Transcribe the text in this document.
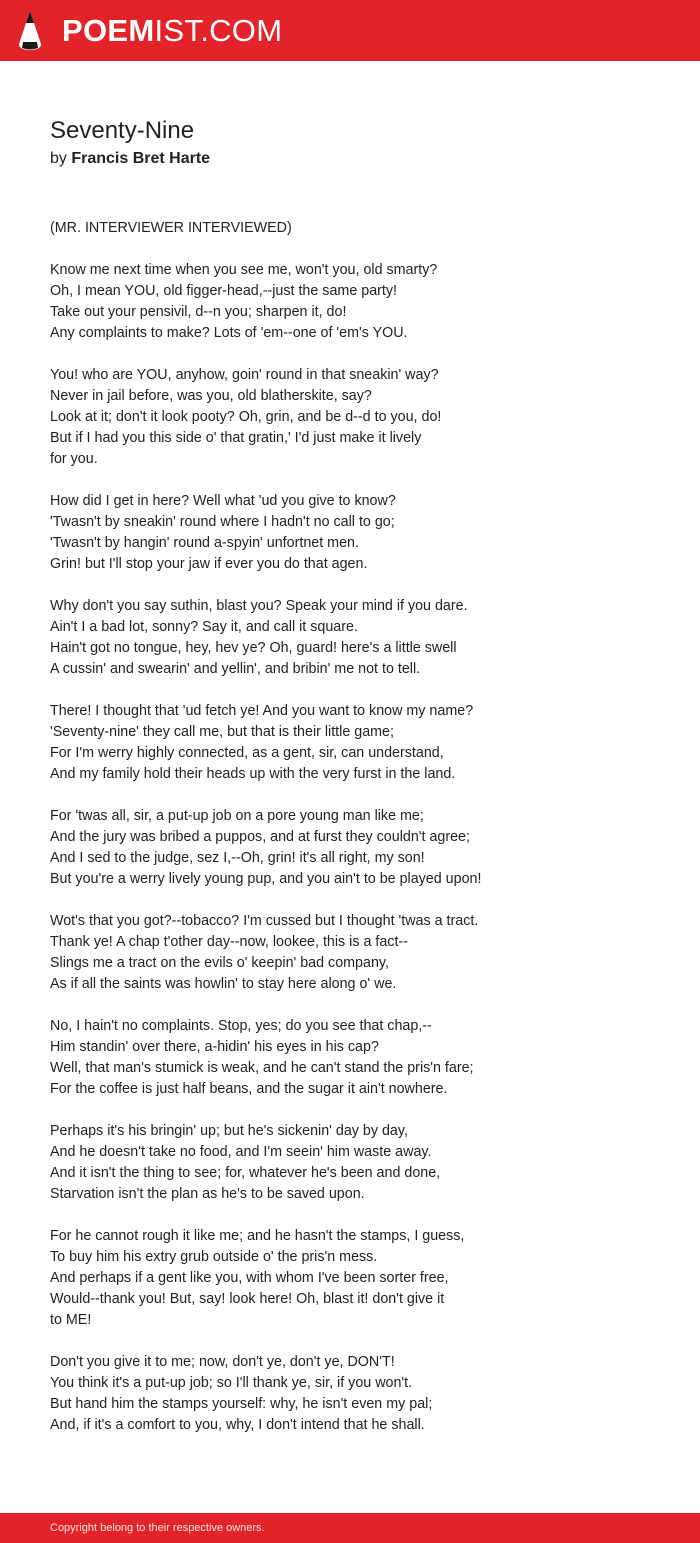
POEMIST.COM
Seventy-Nine
by Francis Bret Harte
(MR. INTERVIEWER INTERVIEWED)
Know me next time when you see me, won't you, old smarty?
Oh, I mean YOU, old figger-head,--just the same party!
Take out your pensivil, d--n you; sharpen it, do!
Any complaints to make? Lots of 'em--one of 'em's YOU.
You! who are YOU, anyhow, goin' round in that sneakin' way?
Never in jail before, was you, old blatherskite, say?
Look at it; don't it look pooty? Oh, grin, and be d--d to you, do!
But if I had you this side o' that gratin,' I'd just make it lively
for you.
How did I get in here? Well what 'ud you give to know?
'Twasn't by sneakin' round where I hadn't no call to go;
'Twasn't by hangin' round a-spyin' unfortnet men.
Grin! but I'll stop your jaw if ever you do that agen.
Why don't you say suthin, blast you? Speak your mind if you dare.
Ain't I a bad lot, sonny? Say it, and call it square.
Hain't got no tongue, hey, hev ye? Oh, guard! here's a little swell
A cussin' and swearin' and yellin', and bribin' me not to tell.
There! I thought that 'ud fetch ye! And you want to know my name?
'Seventy-nine' they call me, but that is their little game;
For I'm werry highly connected, as a gent, sir, can understand,
And my family hold their heads up with the very furst in the land.
For 'twas all, sir, a put-up job on a pore young man like me;
And the jury was bribed a puppos, and at furst they couldn't agree;
And I sed to the judge, sez I,--Oh, grin! it's all right, my son!
But you're a werry lively young pup, and you ain't to be played upon!
Wot's that you got?--tobacco? I'm cussed but I thought 'twas a tract.
Thank ye! A chap t'other day--now, lookee, this is a fact--
Slings me a tract on the evils o' keepin' bad company,
As if all the saints was howlin' to stay here along o' we.
No, I hain't no complaints. Stop, yes; do you see that chap,--
Him standin' over there, a-hidin' his eyes in his cap?
Well, that man's stumick is weak, and he can't stand the pris'n fare;
For the coffee is just half beans, and the sugar it ain't nowhere.
Perhaps it's his bringin' up; but he's sickenin' day by day,
And he doesn't take no food, and I'm seein' him waste away.
And it isn't the thing to see; for, whatever he's been and done,
Starvation isn't the plan as he's to be saved upon.
For he cannot rough it like me; and he hasn't the stamps, I guess,
To buy him his extry grub outside o' the pris'n mess.
And perhaps if a gent like you, with whom I've been sorter free,
Would--thank you! But, say! look here! Oh, blast it! don't give it
to ME!
Don't you give it to me; now, don't ye, don't ye, DON'T!
You think it's a put-up job; so I'll thank ye, sir, if you won't.
But hand him the stamps yourself: why, he isn't even my pal;
And, if it's a comfort to you, why, I don't intend that he shall.
Copyright belong to their respective owners.
